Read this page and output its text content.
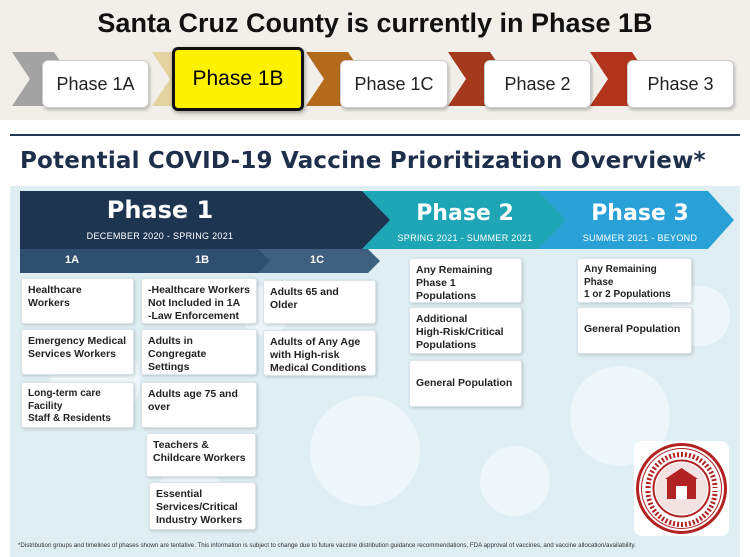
Santa Cruz County is currently in Phase 1B
Phase 1A	Phase 1B	Phase 1C	Phase 2	Phase 3
Potential COVID-19 Vaccine Prioritization Overview*
Phase 1
DECEMBER 2020 - SPRING 2021
Phase 2
SPRING 2021 - SUMMER 2021
Phase 3
SUMMER 2021 - BEYOND
1A	1B	1C
Healthcare
Workers
Emergency Medical
Services Workers
Long-term care Facility
Staff & Residents
-Healthcare Workers
Not Included in 1A
-Law Enforcement
Adults in Congregate
Settings
Adults age 75 and
over
Teachers &
Childcare Workers
Essential
Services/Critical
Industry Workers
Adults 65 and
Older
Adults of Any Age
with High-risk
Medical Conditions
Any Remaining
Phase 1 Populations
Additional
High-Risk/Critical
Populations
General Population
Any Remaining Phase
1 or 2 Populations
General Population
*Distribution groups and timelines of phases shown are tentative. This information is subject to change due to future vaccine distribution guidance recommendations, FDA approval of vaccines, and vaccine allocation/availability.
